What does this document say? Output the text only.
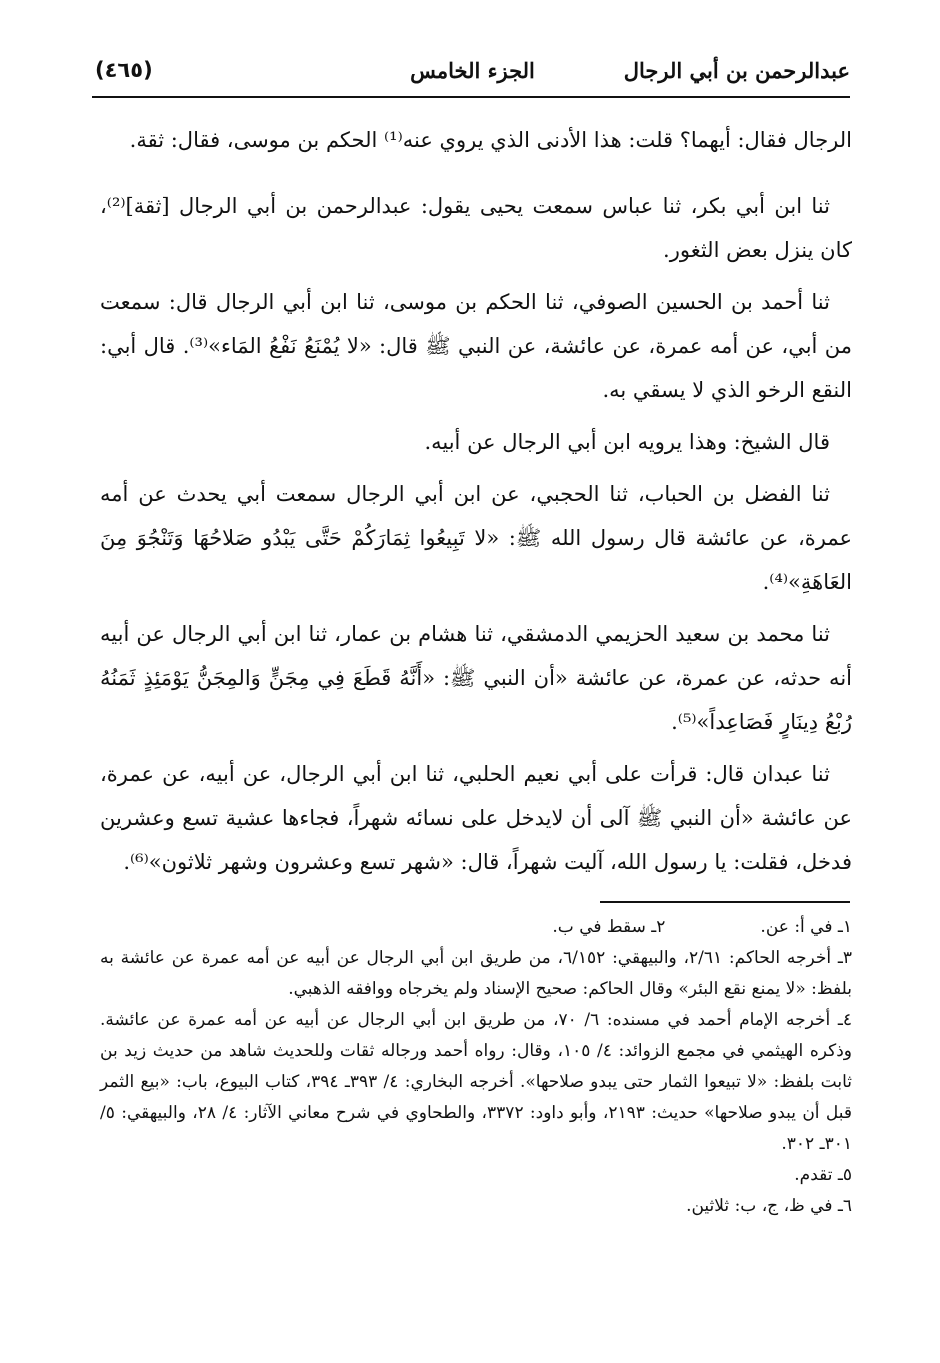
عبدالرحمن بن أبي الرجال
الجزء الخامس
(٤٦٥)

الرجال فقال: أيهما؟ قلت: هذا الأدنى الذي يروي عنه⁽¹⁾ الحكم بن موسى، فقال: ثقة.

ثنا ابن أبي بكر، ثنا عباس سمعت يحيى يقول: عبدالرحمن بن أبي الرجال [ثقة]⁽²⁾، كان ينزل بعض الثغور.

ثنا أحمد بن الحسين الصوفي، ثنا الحكم بن موسى، ثنا ابن أبي الرجال قال: سمعت من أبي، عن أمه عمرة، عن عائشة، عن النبي ﷺ قال: «لا يُمْنَعُ نَفْعُ المَاء»⁽³⁾. قال أبي: النقع الرخو الذي لا يسقي به.

قال الشيخ: وهذا يرويه ابن أبي الرجال عن أبيه.

ثنا الفضل بن الحباب، ثنا الحجبي، عن ابن أبي الرجال سمعت أبي يحدث عن أمه عمرة، عن عائشة قال رسول الله ﷺ: «لا تَبِيعُوا ثِمَارَكُمْ حَتَّى يَبْدُو صَلاحُهَا وَتَنْجُوَ مِنَ العَاهَةِ»⁽⁴⁾.

ثنا محمد بن سعيد الحزيمي الدمشقي، ثنا هشام بن عمار، ثنا ابن أبي الرجال عن أبيه أنه حدثه، عن عمرة، عن عائشة «أن النبي ﷺ: «أَنَّهُ قَطَعَ فِي مِجَنٍّ وَالمِجَنُّ يَوْمَئِذٍ ثَمَنُهُ رُبْعُ دِينَارٍ فَصَاعِداً»⁽⁵⁾.

ثنا عبدان قال: قرأت على أبي نعيم الحلبي، ثنا ابن أبي الرجال، عن أبيه، عن عمرة، عن عائشة «أن النبي ﷺ آلى أن لايدخل على نسائه شهراً، فجاءها عشية تسع وعشرين فدخل، فقلت: يا رسول الله، آليت شهراً، قال: «شهر تسع وعشرون وشهر ثلاثون»⁽⁶⁾.

١ـ في أ: عن.
٢ـ سقط في ب.

٣ـ أخرجه الحاكم: ٢/٦١، والبيهقي: ٦/١٥٢، من طريق ابن أبي الرجال عن أبيه عن أمه عمرة عن عائشة به بلفظ: «لا يمنع نقع البئر» وقال الحاكم: صحيح الإسناد ولم يخرجاه ووافقه الذهبي.

٤ـ أخرجه الإمام أحمد في مسنده: ٦/ ٧٠، من طريق ابن أبي الرجال عن أبيه عن أمه عمرة عن عائشة. وذكره الهيثمي في مجمع الزوائد: ٤/ ١٠٥، وقال: رواه أحمد ورجاله ثقات وللحديث شاهد من حديث زيد بن ثابت بلفظ: «لا تبيعوا الثمار حتى يبدو صلاحها». أخرجه البخاري: ٤/ ٣٩٣ـ ٣٩٤، كتاب البيوع، باب: «بيع الثمر قبل أن يبدو صلاحها» حديث: ٢١٩٣، وأبو داود: ٣٣٧٢، والطحاوي في شرح معاني الآثار: ٤/ ٢٨، والبيهقي: ٥/ ٣٠١ـ ٣٠٢.

٥ـ تقدم.

٦ـ في ظ، ج، ب: ثلاثين.
